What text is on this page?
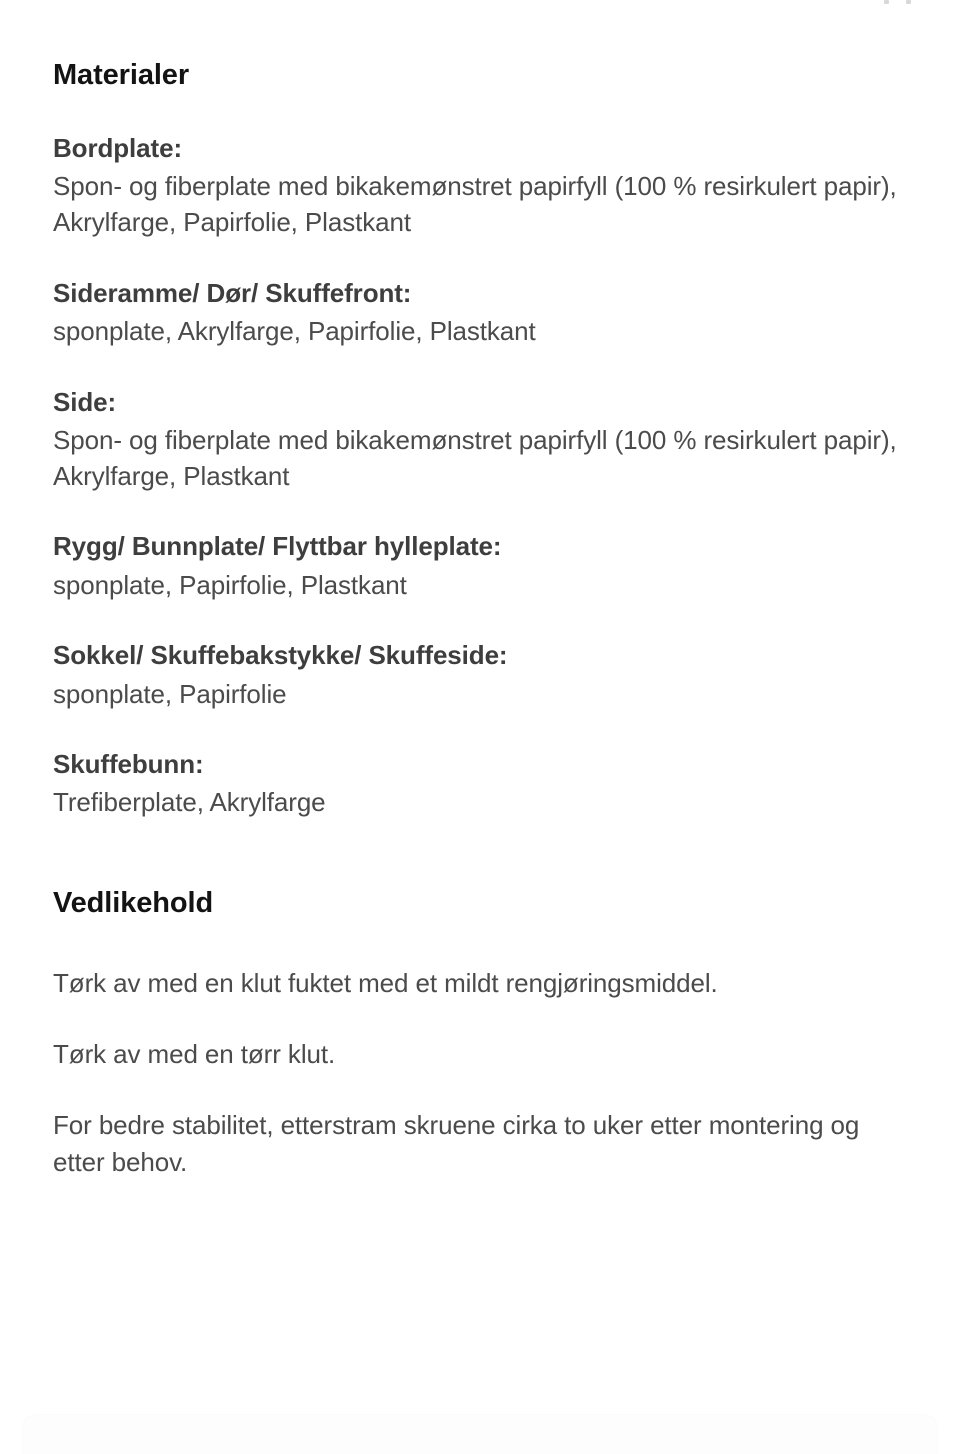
Materialer
Bordplate:
Spon- og fiberplate med bikakemønstret papirfyll (100 % resirkulert papir), Akrylfarge, Papirfolie, Plastkant
Sideramme/ Dør/ Skuffefront:
sponplate, Akrylfarge, Papirfolie, Plastkant
Side:
Spon- og fiberplate med bikakemønstret papirfyll (100 % resirkulert papir), Akrylfarge, Plastkant
Rygg/ Bunnplate/ Flyttbar hylleplate:
sponplate, Papirfolie, Plastkant
Sokkel/ Skuffebakstykke/ Skuffeside:
sponplate, Papirfolie
Skuffebunn:
Trefiberplate, Akrylfarge
Vedlikehold

Tørk av med en klut fuktet med et mildt rengjøringsmiddel.

Tørk av med en tørr klut.

For bedre stabilitet, etterstram skruene cirka to uker etter montering og etter behov.
